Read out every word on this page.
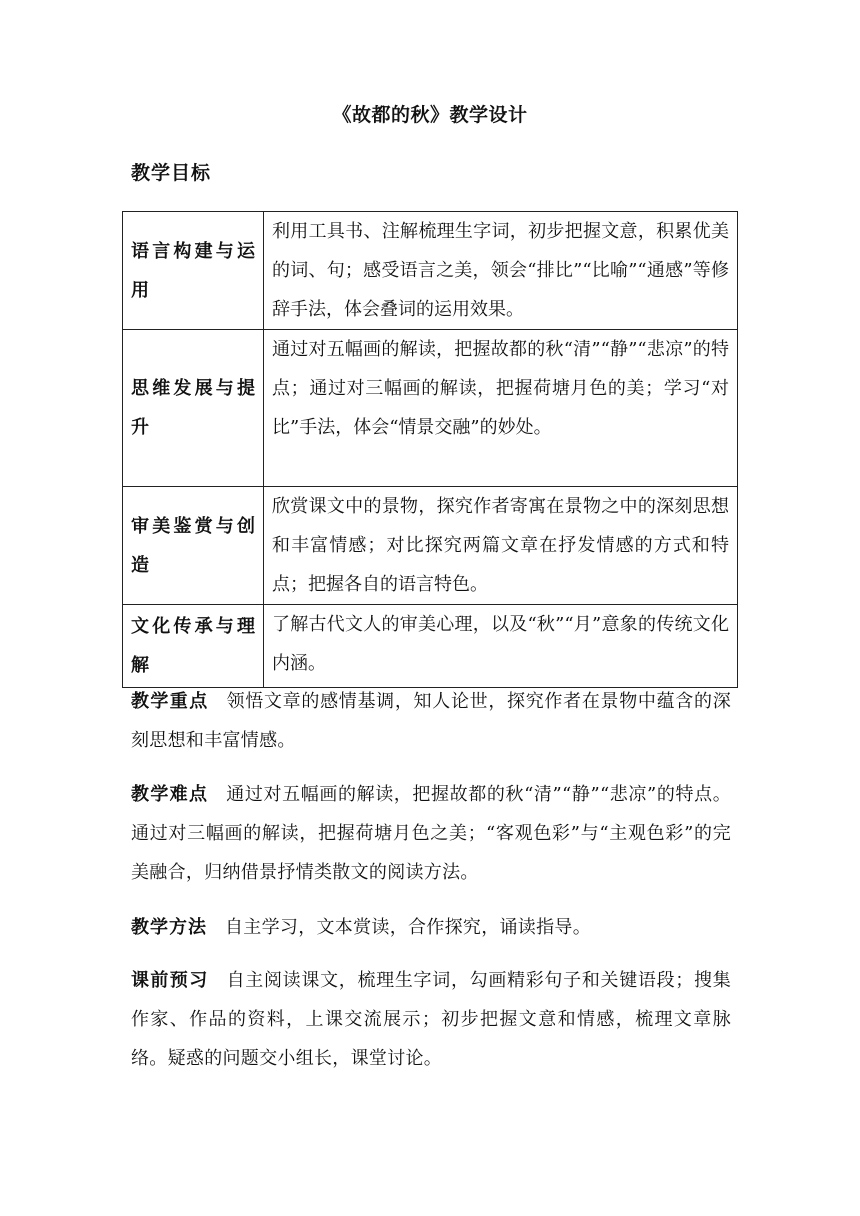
《故都的秋》教学设计
教学目标
语言构建与运用	利用工具书、注解梳理生字词，初步把握文意，积累优美的词、句；感受语言之美，领会“排比”“比喻”“通感”等修辞手法，体会叠词的运用效果。
思维发展与提升	通过对五幅画的解读，把握故都的秋“清”“静”“悲凉”的特点；通过对三幅画的解读，把握荷塘月色的美；学习“对比”手法，体会“情景交融”的妙处。
审美鉴赏与创造	欣赏课文中的景物，探究作者寄寓在景物之中的深刻思想和丰富情感；对比探究两篇文章在抒发情感的方式和特点；把握各自的语言特色。
文化传承与理解	了解古代文人的审美心理，以及“秋”“月”意象的传统文化内涵。
教学重点 领悟文章的感情基调，知人论世，探究作者在景物中蕴含的深刻思想和丰富情感。
教学难点 通过对五幅画的解读，把握故都的秋“清”“静”“悲凉”的特点。通过对三幅画的解读，把握荷塘月色之美；“客观色彩”与“主观色彩”的完美融合，归纳借景抒情类散文的阅读方法。
教学方法 自主学习，文本赏读，合作探究，诵读指导。
课前预习 自主阅读课文，梳理生字词，勾画精彩句子和关键语段；搜集作家、作品的资料，上课交流展示；初步把握文意和情感，梳理文章脉络。疑惑的问题交小组长，课堂讨论。
